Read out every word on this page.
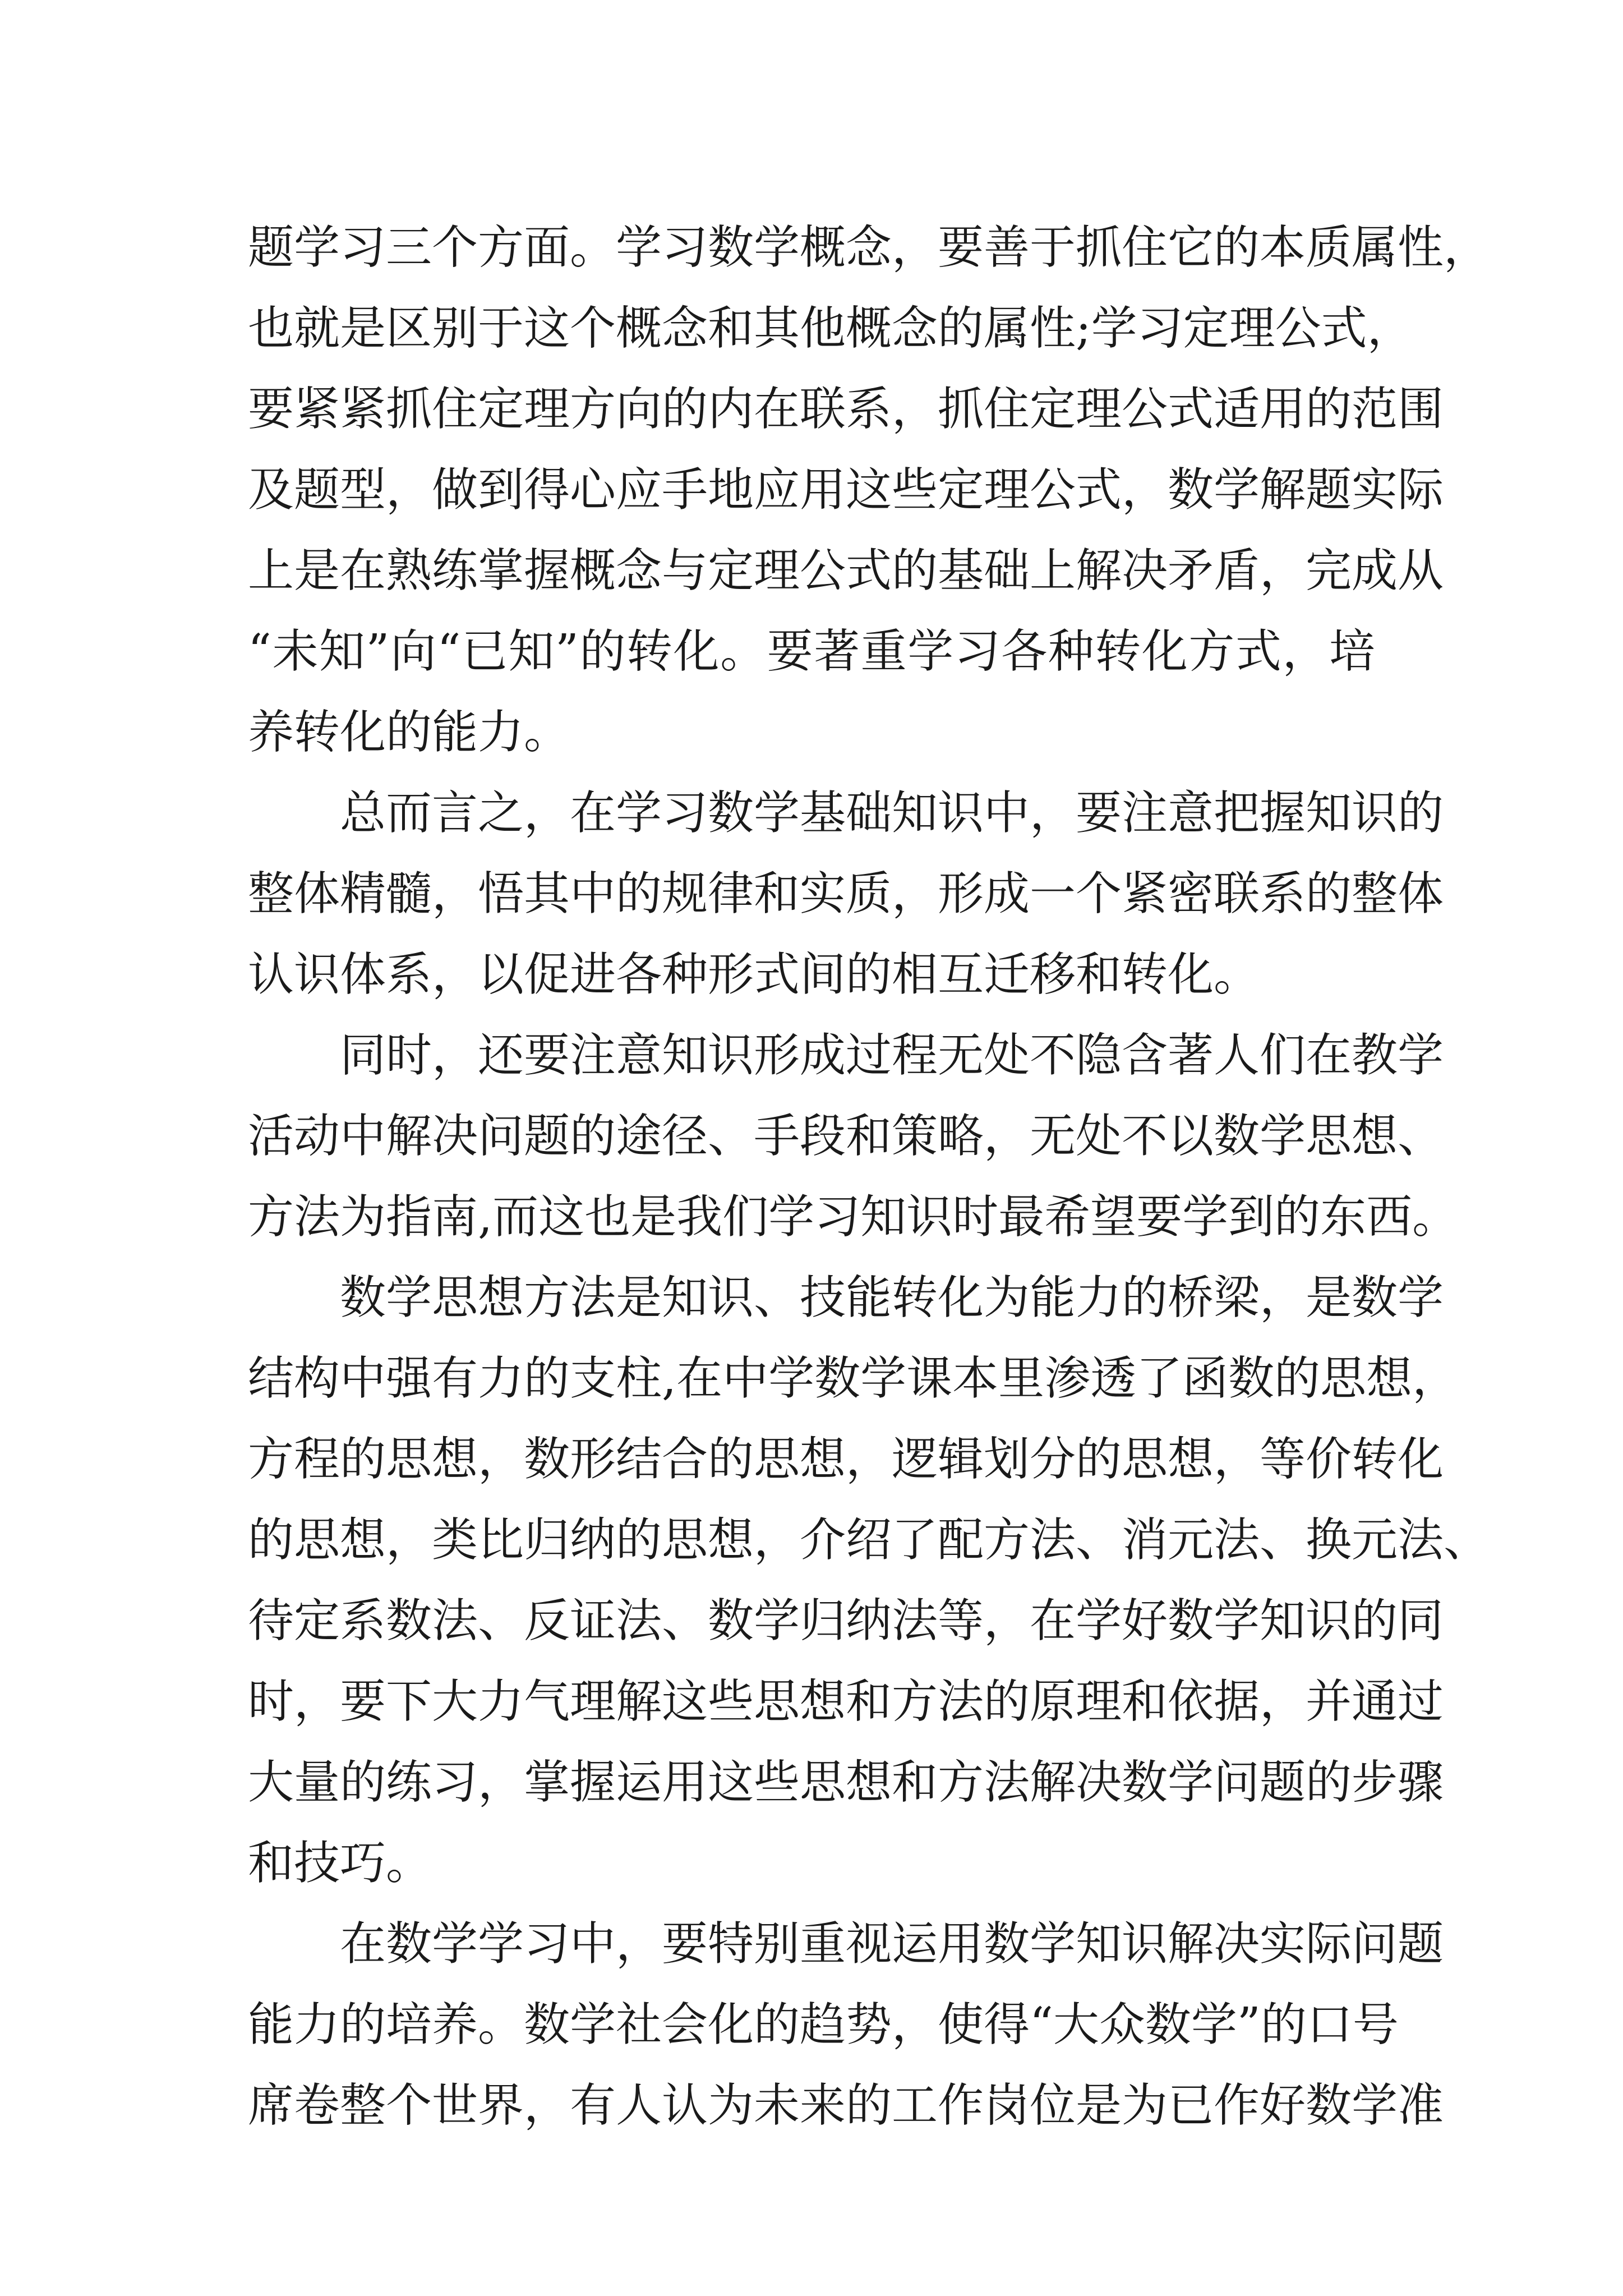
题学习三个方面。学习数学概念，要善于抓住它的本质属性，
也就是区别于这个概念和其他概念的属性;学习定理公式，
要紧紧抓住定理方向的内在联系，抓住定理公式适用的范围
及题型，做到得心应手地应用这些定理公式，数学解题实际
上是在熟练掌握概念与定理公式的基础上解决矛盾，完成从
“未知”向“已知”的转化。要著重学习各种转化方式，培
养转化的能力。
总而言之，在学习数学基础知识中，要注意把握知识的
整体精髓，悟其中的规律和实质，形成一个紧密联系的整体
认识体系，以促进各种形式间的相互迁移和转化。
同时，还要注意知识形成过程无处不隐含著人们在教学
活动中解决问题的途径、手段和策略，无处不以数学思想、
方法为指南,而这也是我们学习知识时最希望要学到的东西。
数学思想方法是知识、技能转化为能力的桥梁，是数学
结构中强有力的支柱,在中学数学课本里渗透了函数的思想，
方程的思想，数形结合的思想，逻辑划分的思想，等价转化
的思想，类比归纳的思想，介绍了配方法、消元法、换元法、
待定系数法、反证法、数学归纳法等，在学好数学知识的同
时，要下大力气理解这些思想和方法的原理和依据，并通过
大量的练习，掌握运用这些思想和方法解决数学问题的步骤
和技巧。
在数学学习中，要特别重视运用数学知识解决实际问题
能力的培养。数学社会化的趋势，使得“大众数学”的口号
席卷整个世界，有人认为未来的工作岗位是为已作好数学准
